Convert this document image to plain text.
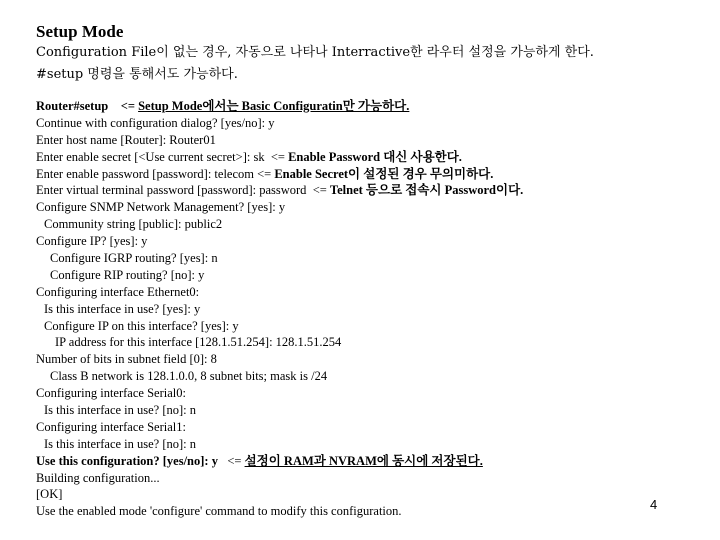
Setup Mode
Configuration File이 없는 경우, 자동으로 나타나 Interractive한 라우터 설정을 가능하게 한다.
#setup 명령을 통해서도 가능하다.
Router#setup <= Setup Mode에서는 Basic Configuratin만 가능하다.
Continue with configuration dialog? [yes/no]: y
Enter host name [Router]: Router01
Enter enable secret [<Use current secret>]: sk <= Enable Password 대신 사용한다.
Enter enable password [password]: telecom <= Enable Secret이 설정된 경우 무의미하다.
Enter virtual terminal password [password]: password <= Telnet 등으로 접속시 Password이다.
Configure SNMP Network Management? [yes]: y
Community string [public]: public2
Configure IP? [yes]: y
Configure IGRP routing? [yes]: n
Configure RIP routing? [no]: y
Configuring interface Ethernet0:
Is this interface in use? [yes]: y
Configure IP on this interface? [yes]: y
IP address for this interface [128.1.51.254]: 128.1.51.254
Number of bits in subnet field [0]: 8
Class B network is 128.1.0.0, 8 subnet bits; mask is /24
Configuring interface Serial0:
Is this interface in use? [no]: n
Configuring interface Serial1:
Is this interface in use? [no]: n
Use this configuration? [yes/no]: y <= 설정이 RAM과 NVRAM에 동시에 저장된다.
Building configuration...
[OK]
Use the enabled mode 'configure' command to modify this configuration.	4
